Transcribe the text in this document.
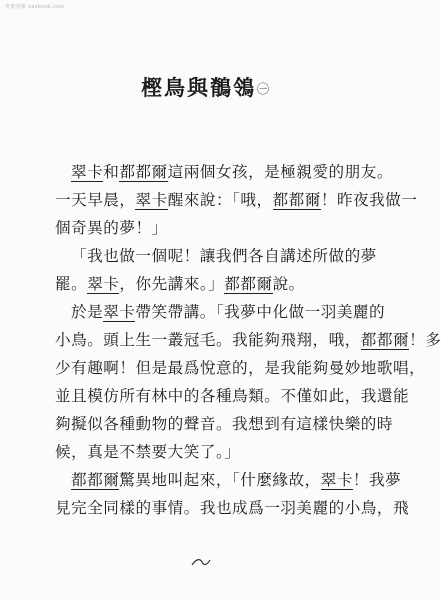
書畫書庫 xxxbook.com
樫鳥與鶺鴒㊀
翠卡和都都爾這兩個女孩，是極親愛的朋友。
一天早晨，翠卡醒來說：「哦，都都爾！昨夜我做一
個奇異的夢！」
「我也做一個呢！讓我們各自講述所做的夢
罷。翠卡，你先講來。」都都爾說。
於是翠卡帶笑帶講。「我夢中化做一羽美麗的
小鳥。頭上生一叢冠毛。我能夠飛翔，哦，都都爾！多
少有趣啊！但是最爲悅意的，是我能夠曼妙地歌唱，
並且模仿所有林中的各種鳥類。不僅如此，我還能
夠擬似各種動物的聲音。我想到有這樣快樂的時
候，真是不禁要大笑了。」
都都爾驚異地叫起來，「什麼緣故，翠卡！我夢
見完全同樣的事情。我也成爲一羽美麗的小鳥，飛
